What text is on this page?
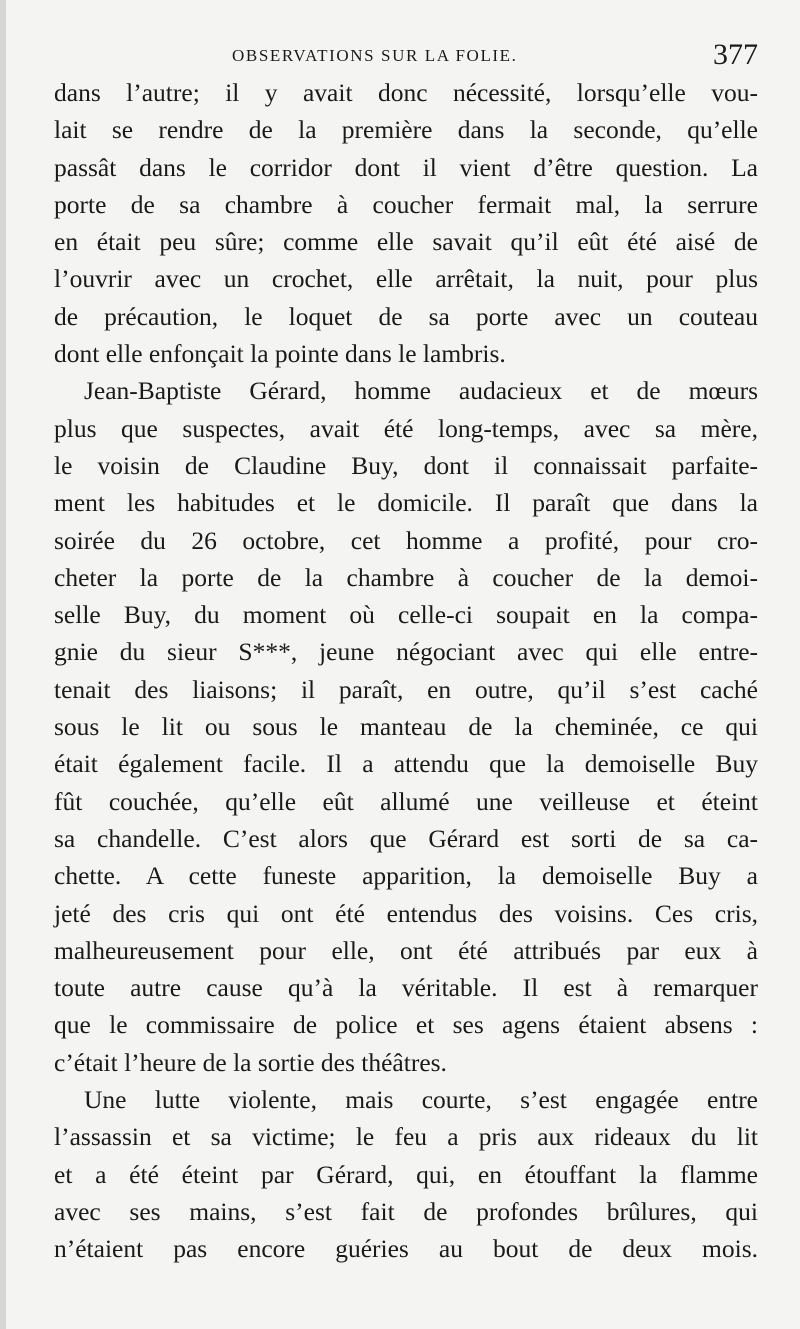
OBSERVATIONS SUR LA FOLIE.	377
dans l’autre; il y avait donc nécessité, lorsqu’elle vou-
lait se rendre de la première dans la seconde, qu’elle
passât dans le corridor dont il vient d’être question. La
porte de sa chambre à coucher fermait mal, la serrure
en était peu sûre; comme elle savait qu’il eût été aisé de
l’ouvrir avec un crochet, elle arrêtait, la nuit, pour plus
de précaution, le loquet de sa porte avec un couteau
dont elle enfonçait la pointe dans le lambris.
Jean-Baptiste Gérard, homme audacieux et de mœurs
plus que suspectes, avait été long-temps, avec sa mère,
le voisin de Claudine Buy, dont il connaissait parfaite-
ment les habitudes et le domicile. Il paraît que dans la
soirée du 26 octobre, cet homme a profité, pour cro-
cheter la porte de la chambre à coucher de la demoi-
selle Buy, du moment où celle-ci soupait en la compa-
gnie du sieur S***, jeune négociant avec qui elle entre-
tenait des liaisons; il paraît, en outre, qu’il s’est caché
sous le lit ou sous le manteau de la cheminée, ce qui
était également facile. Il a attendu que la demoiselle Buy
fût couchée, qu’elle eût allumé une veilleuse et éteint
sa chandelle. C’est alors que Gérard est sorti de sa ca-
chette. A cette funeste apparition, la demoiselle Buy a
jeté des cris qui ont été entendus des voisins. Ces cris,
malheureusement pour elle, ont été attribués par eux à
toute autre cause qu’à la véritable. Il est à remarquer
que le commissaire de police et ses agens étaient absens :
c’était l’heure de la sortie des théâtres.
Une lutte violente, mais courte, s’est engagée entre
l’assassin et sa victime; le feu a pris aux rideaux du lit
et a été éteint par Gérard, qui, en étouffant la flamme
avec ses mains, s’est fait de profondes brûlures, qui
n’étaient pas encore guéries au bout de deux mois.
